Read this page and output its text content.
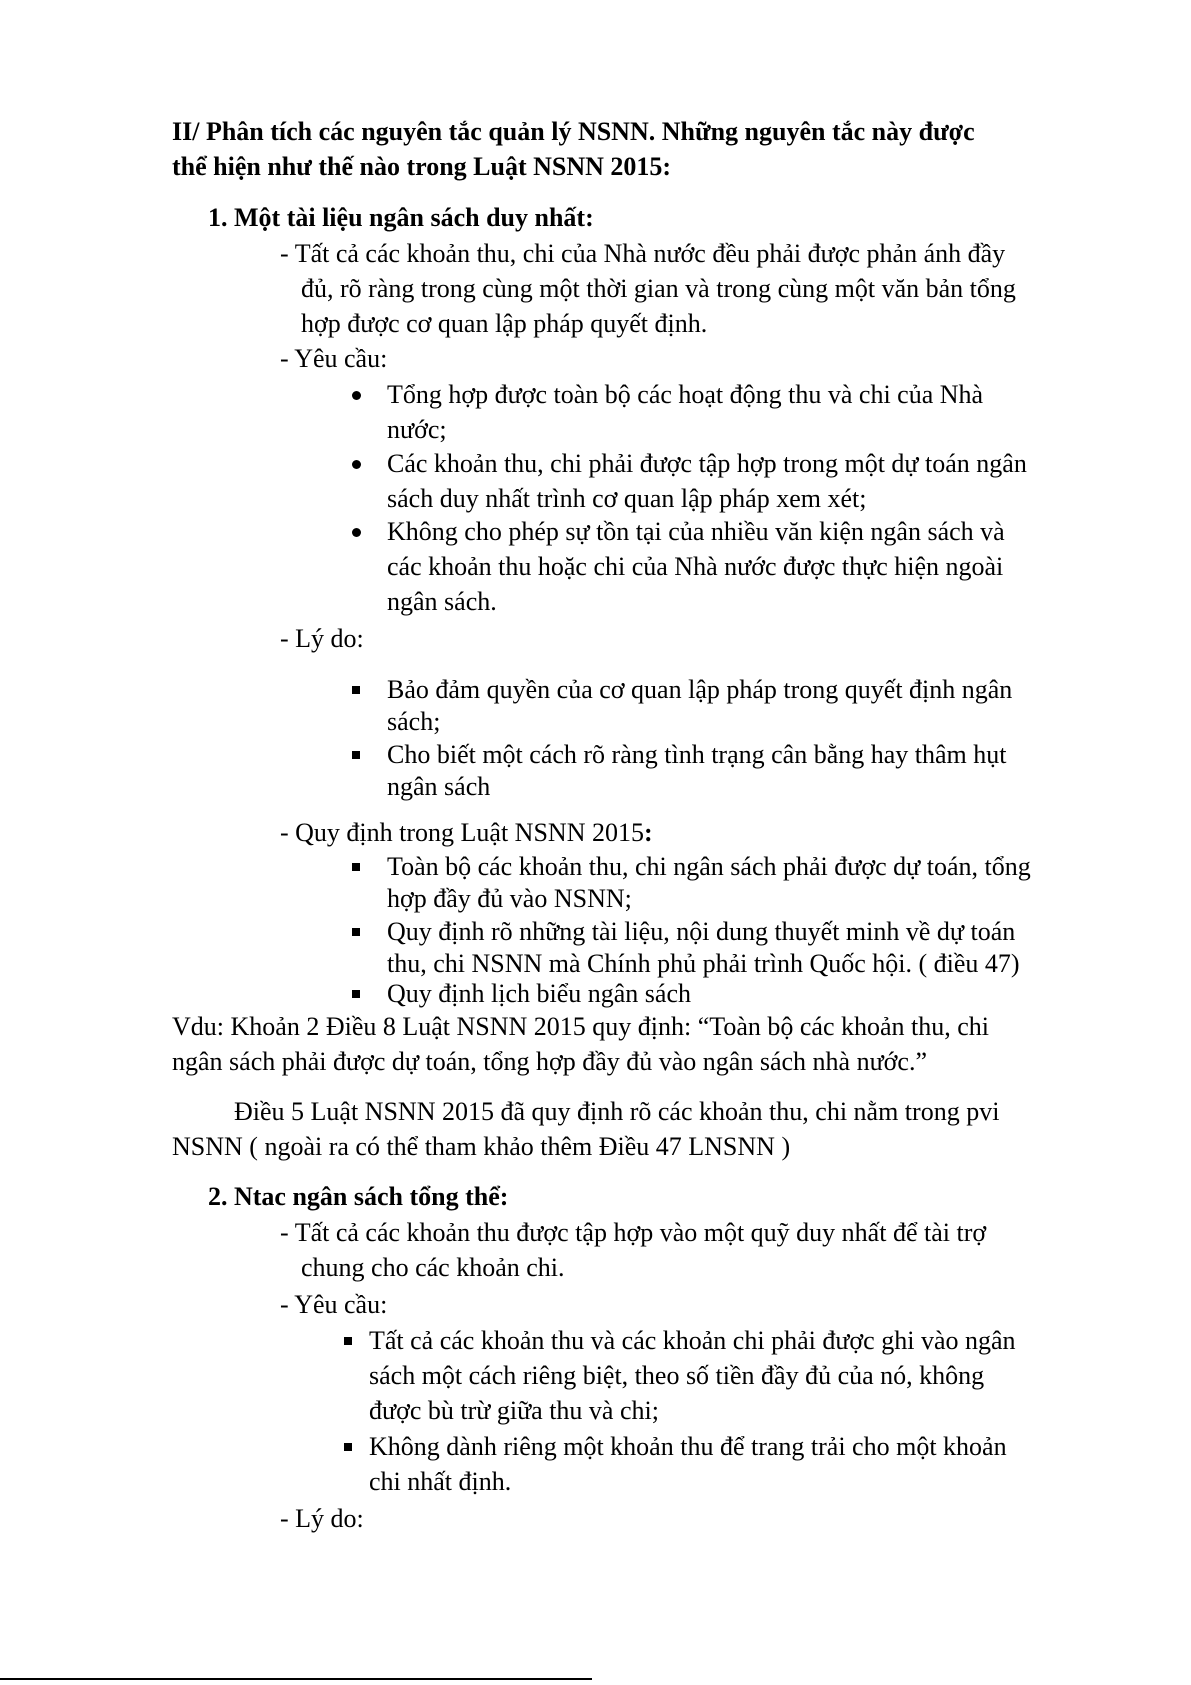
II/ Phân tích các nguyên tắc quản lý NSNN. Những nguyên tắc này được
thể hiện như thế nào trong Luật NSNN 2015:
1. Một tài liệu ngân sách duy nhất:
- Tất cả các khoản thu, chi của Nhà nước đều phải được phản ánh đầy
đủ, rõ ràng trong cùng một thời gian và trong cùng một văn bản tổng
hợp được cơ quan lập pháp quyết định.
- Yêu cầu:
Tổng hợp được toàn bộ các hoạt động thu và chi của Nhà
nước;
Các khoản thu, chi phải được tập hợp trong một dự toán ngân
sách duy nhất trình cơ quan lập pháp xem xét;
Không cho phép sự tồn tại của nhiều văn kiện ngân sách và
các khoản thu hoặc chi của Nhà nước được thực hiện ngoài
ngân sách.
- Lý do:
Bảo đảm quyền của cơ quan lập pháp trong quyết định ngân
sách;
Cho biết một cách rõ ràng tình trạng cân bằng hay thâm hụt
ngân sách
- Quy định trong Luật NSNN 2015:
Toàn bộ các khoản thu, chi ngân sách phải được dự toán, tổng
hợp đầy đủ vào NSNN;
Quy định rõ những tài liệu, nội dung thuyết minh về dự toán
thu, chi NSNN mà Chính phủ phải trình Quốc hội. ( điều 47)
Quy định lịch biểu ngân sách
Vdu: Khoản 2 Điều 8 Luật NSNN 2015 quy định: “Toàn bộ các khoản thu, chi
ngân sách phải được dự toán, tổng hợp đầy đủ vào ngân sách nhà nước.”
Điều 5 Luật NSNN 2015 đã quy định rõ các khoản thu, chi nằm trong pvi
NSNN ( ngoài ra có thể tham khảo thêm Điều 47 LNSNN )
2. Ntac ngân sách tổng thể:
- Tất cả các khoản thu được tập hợp vào một quỹ duy nhất để tài trợ
chung cho các khoản chi.
- Yêu cầu:
Tất cả các khoản thu và các khoản chi phải được ghi vào ngân
sách một cách riêng biệt, theo số tiền đầy đủ của nó, không
được bù trừ giữa thu và chi;
Không dành riêng một khoản thu để trang trải cho một khoản
chi nhất định.
- Lý do:
